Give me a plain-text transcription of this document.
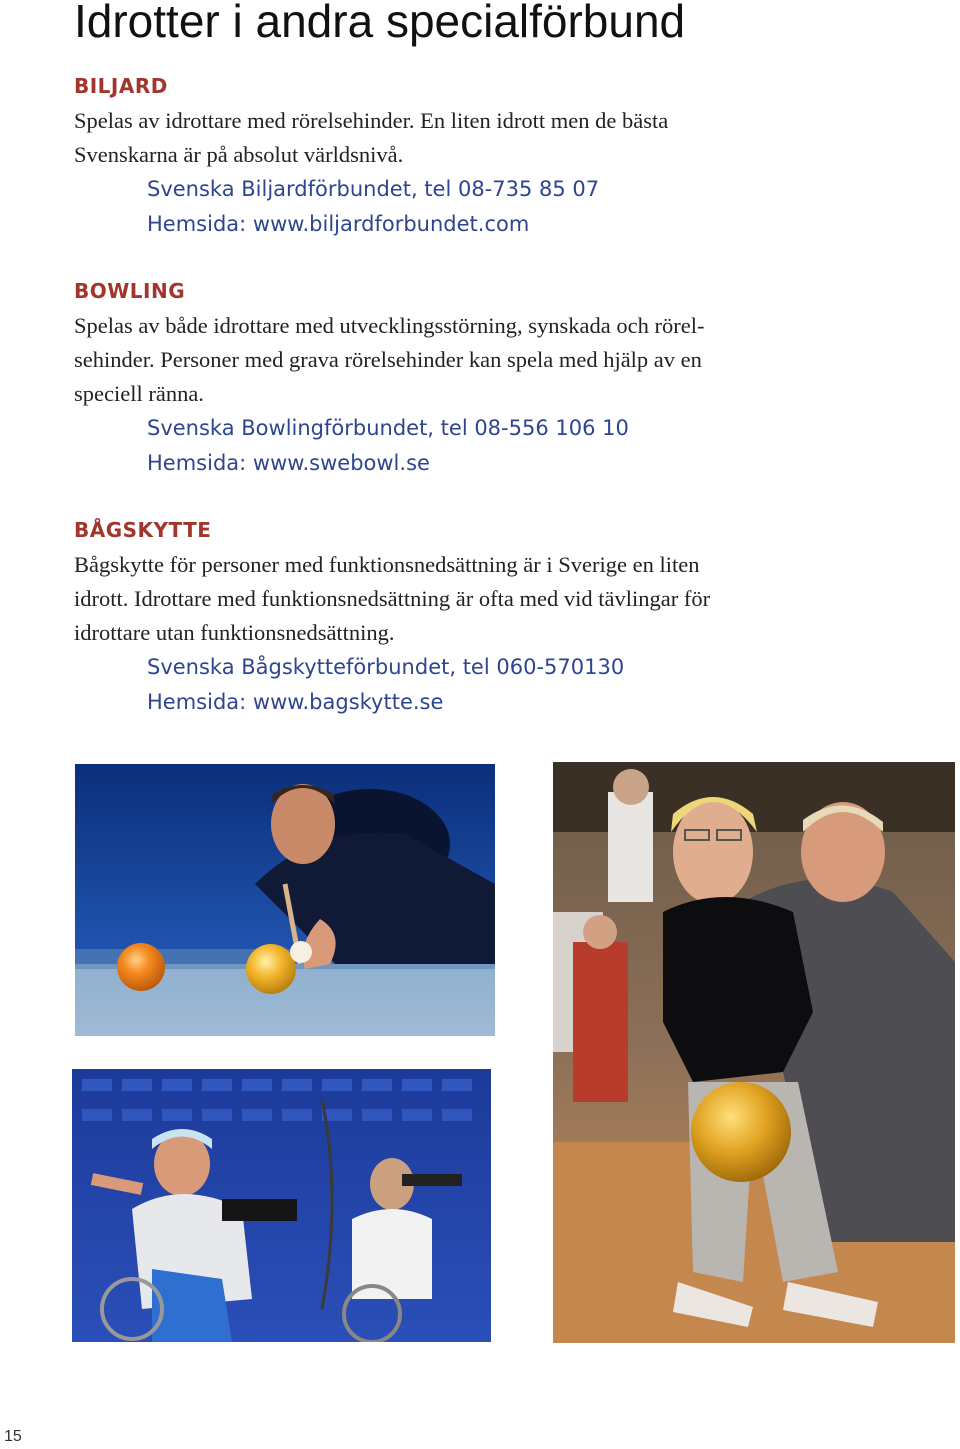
Idrotter i andra specialförbund
BILJARD

Spelas av idrottare med rörelsehinder. En liten idrott men de bästa
Svenskarna är på absolut världsnivå.

Svenska Biljardförbundet, tel 08-735 85 07
Hemsida: www.biljardforbundet.com
BOWLING

Spelas av både idrottare med utvecklingsstörning, synskada och rörel-
sehinder. Personer med grava rörelsehinder kan spela med hjälp av en
speciell ränna.

Svenska Bowlingförbundet, tel 08-556 106 10
Hemsida: www.swebowl.se
BÅGSKYTTE

Bågskytte för personer med funktionsnedsättning är i Sverige en liten
idrott. Idrottare med funktionsnedsättning är ofta med vid tävlingar för
idrottare utan funktionsnedsättning.

Svenska Bågskytteförbundet, tel 060-570130
Hemsida: www.bagskytte.se
15
